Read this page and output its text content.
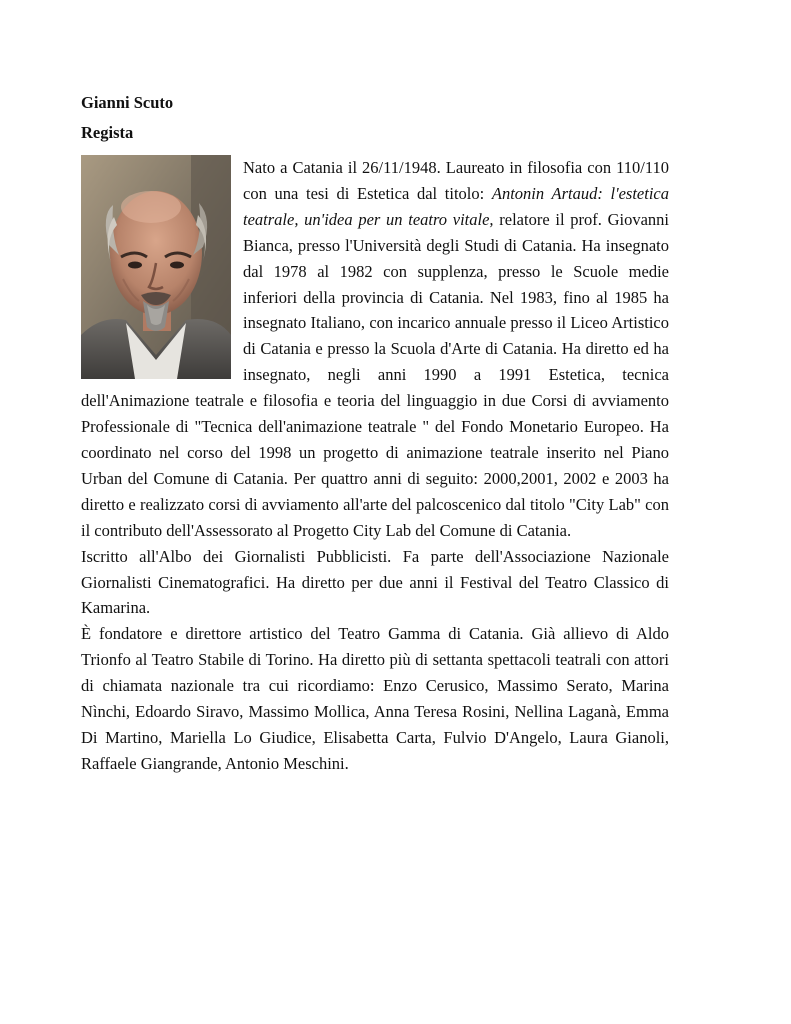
Gianni Scuto

Regista

Nato a Catania il 26/11/1948. Laureato in filosofia con 110/110 con una tesi di Estetica dal titolo: Antonin Artaud: l'estetica teatrale, un'idea per un teatro vitale, relatore il prof. Giovanni Bianca, presso l'Università degli Studi di Catania. Ha insegnato dal 1978 al 1982 con supplenza, presso le Scuole medie inferiori della provincia di Catania. Nel 1983, fino al 1985 ha insegnato Italiano, con incarico annuale presso il Liceo Artistico di Catania e presso la Scuola d'Arte di Catania. Ha diretto ed ha insegnato, negli anni 1990 a 1991 Estetica, tecnica dell'Animazione teatrale e filosofia e teoria del linguaggio in due Corsi di avviamento Professionale di "Tecnica dell'animazione teatrale " del Fondo Monetario Europeo. Ha coordinato nel corso del 1998 un progetto di animazione teatrale inserito nel Piano Urban del Comune di Catania. Per quattro anni di seguito: 2000,2001, 2002 e 2003 ha diretto e realizzato corsi di avviamento all'arte del palcoscenico dal titolo "City Lab" con il contributo dell'Assessorato al Progetto City Lab del Comune di Catania.

Iscritto all'Albo dei Giornalisti Pubblicisti. Fa parte dell'Associazione Nazionale Giornalisti Cinematografici. Ha diretto per due anni il Festival del Teatro Classico di Kamarina.

È fondatore e direttore artistico del Teatro Gamma di Catania. Già allievo di Aldo Trionfo al Teatro Stabile di Torino. Ha diretto più di settanta spettacoli teatrali con attori di chiamata nazionale tra cui ricordiamo: Enzo Cerusico, Massimo Serato, Marina Nìnchi, Edoardo Siravo, Massimo Mollica, Anna Teresa Rosini, Nellina Laganà, Emma Di Martino, Mariella Lo Giudice, Elisabetta Carta, Fulvio D'Angelo, Laura Gianoli, Raffaele Giangrande, Antonio Meschini.
